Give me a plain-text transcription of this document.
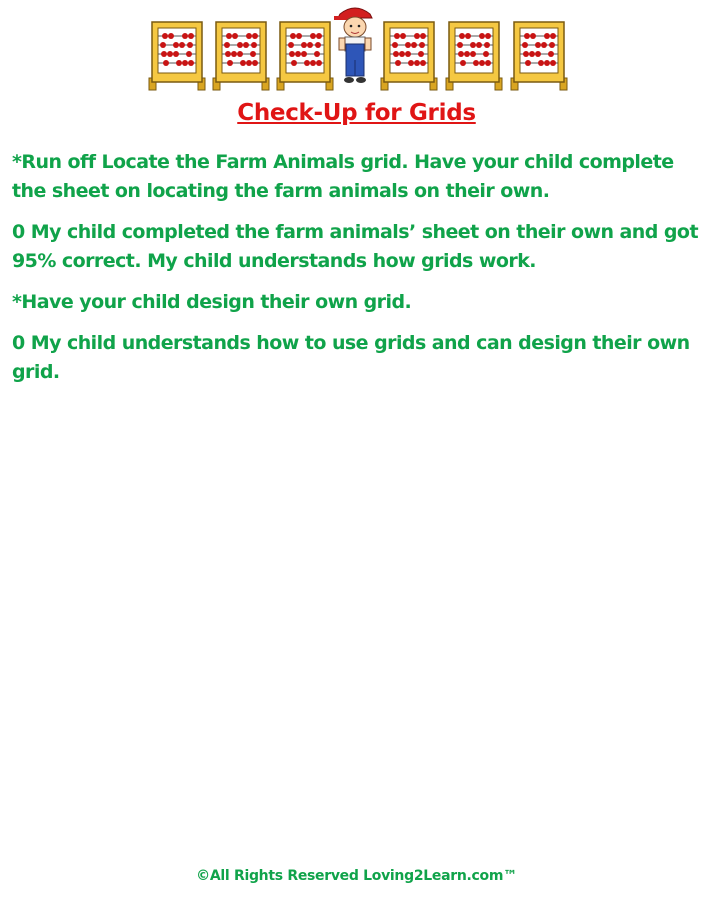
Check-Up for Grids
*Run off Locate the Farm Animals grid. Have your child complete the sheet on locating the farm animals on their own.
0 My child completed the farm animals’ sheet on their own and got 95% correct. My child understands how grids work.
*Have your child design their own grid.
0 My child understands how to use grids and can design their own grid.
©All Rights Reserved Loving2Learn.com™
